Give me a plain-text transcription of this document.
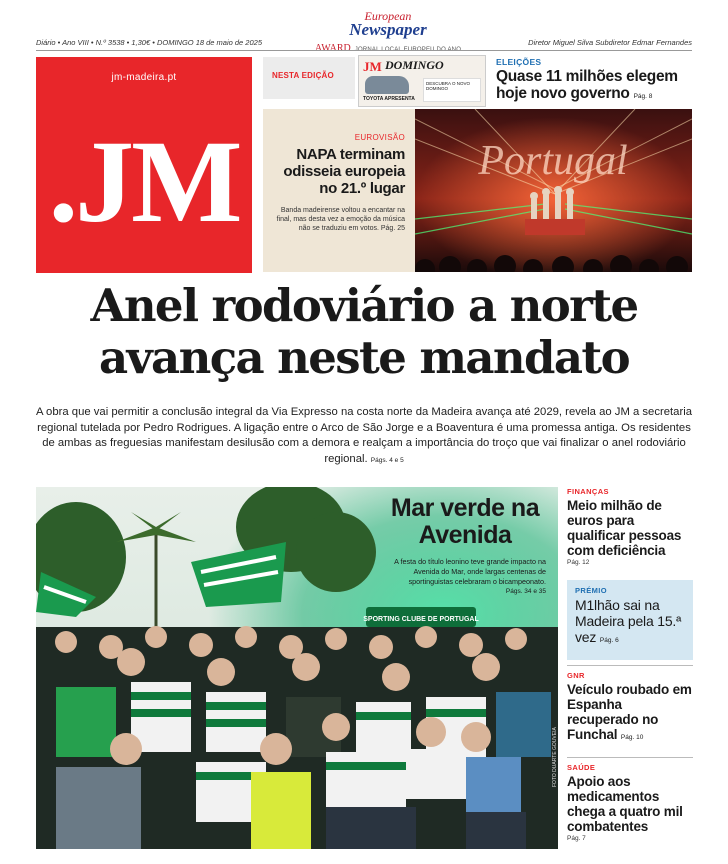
European
Newspaper
AWARD JORNAL LOCAL EUROPEU DO ANO
Diário • Ano VIII • N.º 3538 • 1,30€ • DOMINGO 18 de maio de 2025	Diretor Miguel Silva Subdiretor Edmar Fernandes
jm-madeira.pt
.JM
NESTA EDIÇÃO
JM DOMINGO
TOYOTA APRESENTA
DESCUBRA O NOVO DOMINGO
ELEIÇÕES
Quase 11 milhões elegem hoje novo governo Pág. 8
EUROVISÃO
NAPA terminam odisseia europeia no 21.º lugar
Banda madeirense voltou a encantar na final, mas desta vez a emoção da música não se traduziu em votos. Pág. 25
Portugal
Anel rodoviário a norte avança neste mandato
A obra que vai permitir a conclusão integral da Via Expresso na costa norte da Madeira avança até 2029, revela ao JM a secretaria regional tutelada por Pedro Rodrigues. A ligação entre o Arco de São Jorge e a Boaventura é uma promessa antiga. Os residentes de ambas as freguesias manifestam desilusão com a demora e realçam a importância do troço que vai finalizar o anel rodoviário regional. Págs. 4 e 5
SPORTING CLUBE DE PORTUGAL
FOTO DUARTE GOUVEIA
Mar verde na Avenida
A festa do título leonino teve grande impacto na Avenida do Mar, onde largas centenas de sportinguistas celebraram o bicampeonato.
Págs. 34 e 35
FINANÇAS
Meio milhão de euros para qualificar pessoas com deficiência
Pág. 12
PRÉMIO
M1lhão sai na Madeira pela 15.ª vez Pág. 6
GNR
Veículo roubado em Espanha recuperado no Funchal Pág. 10
SAÚDE
Apoio aos medicamentos chega a quatro mil combatentes
Pág. 7
